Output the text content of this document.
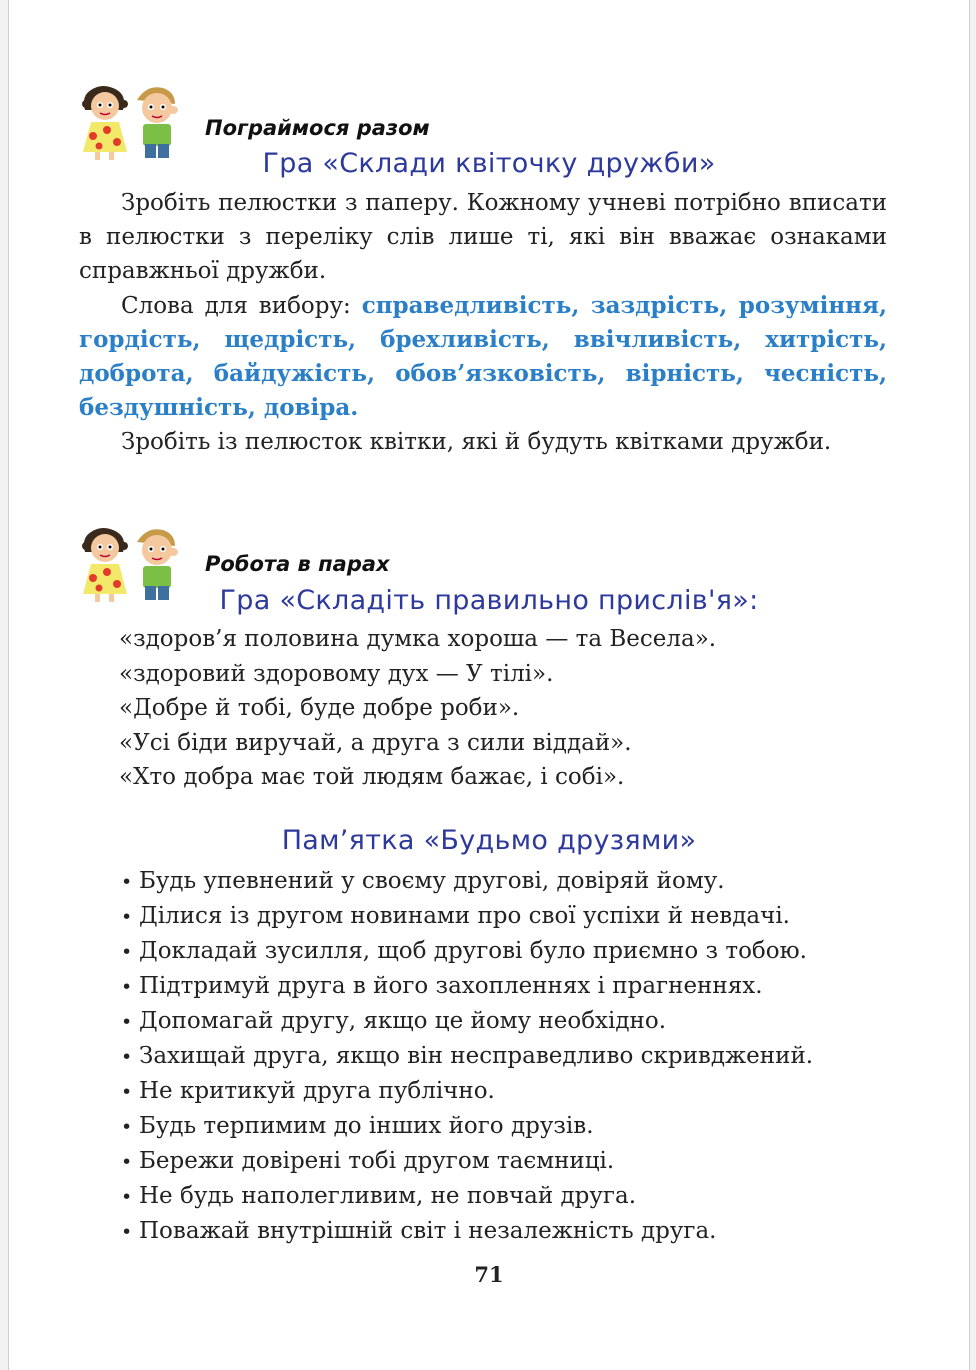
Пограймося разом
Гра «Склади квіточку дружби»

Зробіть пелюстки з паперу. Кожному учневі потрібно вписати в пелюстки з переліку слів лише ті, які він вважає ознаками справжньої дружби.

Слова для вибору: справедливість, заздрість, розуміння, гордість, щедрість, брехливість, ввічливість, хитрість, доброта, байдужість, обов’язковість, вірність, чесність, бездушність, довіра.

Зробіть із пелюсток квітки, які й будуть квітками дружби.

Робота в парах
Гра «Складіть правильно прислів'я»:
«здоров’я половина думка хороша — та Весела».
«здоровий здоровому дух — У тілі».
«Добре й тобі, буде добре роби».
«Усі біди виручай, а друга з сили віддай».
«Хто добра має той людям бажає, і собі».
Пам’ятка «Будьмо друзями»
• Будь упевнений у своєму другові, довіряй йому.
• Ділися із другом новинами про свої успіхи й невдачі.
• Докладай зусилля, щоб другові було приємно з тобою.
• Підтримуй друга в його захопленнях і прагненнях.
• Допомагай другу, якщо це йому необхідно.
• Захищай друга, якщо він несправедливо скривджений.
• Не критикуй друга публічно.
• Будь терпимим до інших його друзів.
• Бережи довірені тобі другом таємниці.
• Не будь наполегливим, не повчай друга.
• Поважай внутрішній світ і незалежність друга.
71
